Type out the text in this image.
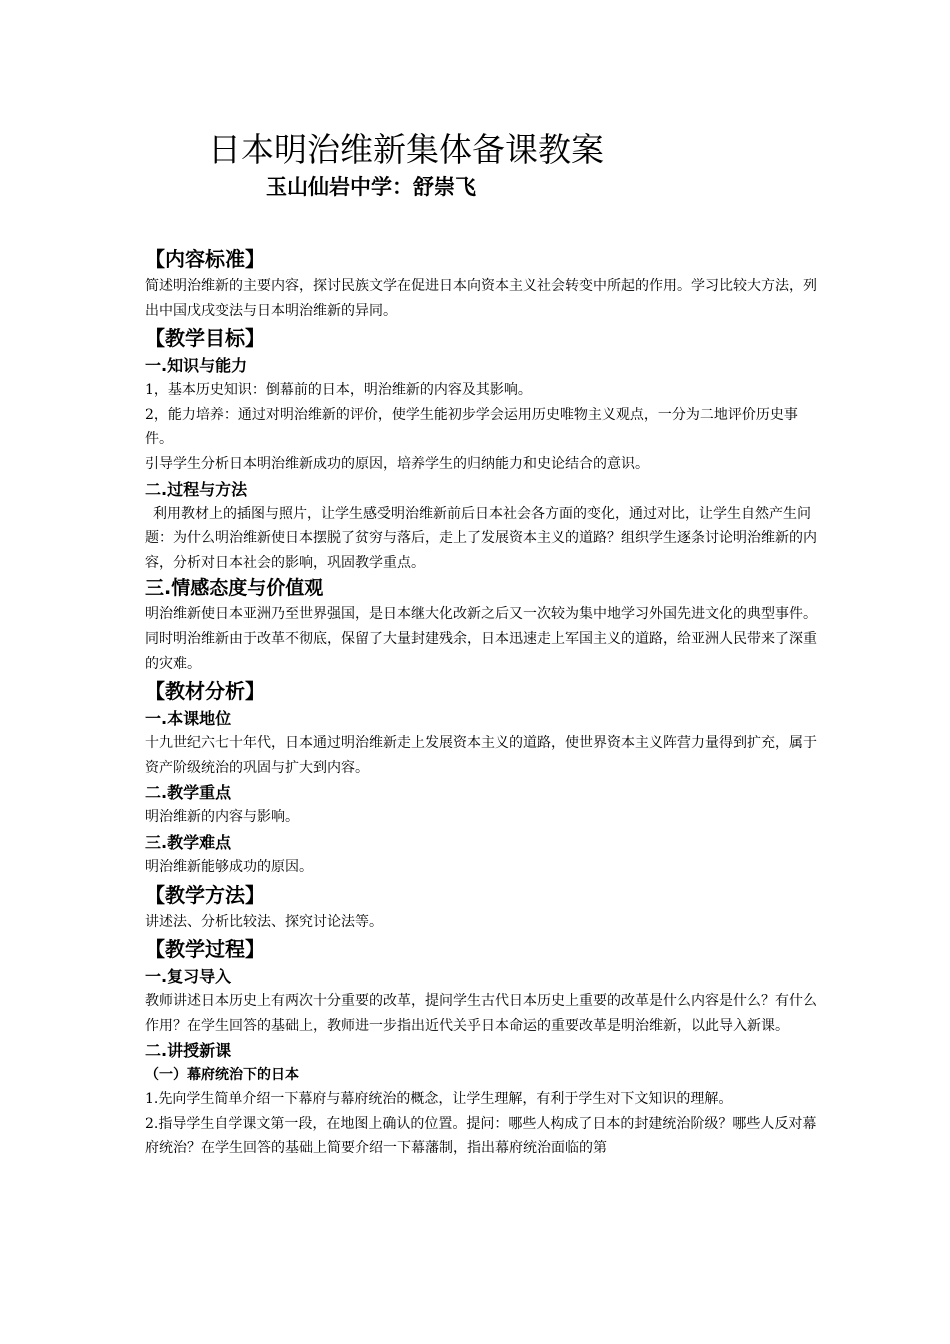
日本明治维新集体备课教案
玉山仙岩中学：舒崇飞

【内容标准】

简述明治维新的主要内容，探讨民族文学在促进日本向资本主义社会转变中所起的作用。学习比较大方法，列出中国戊戌变法与日本明治维新的异同。

【教学目标】

一.知识与能力

1，基本历史知识：倒幕前的日本，明治维新的内容及其影响。

2，能力培养：通过对明治维新的评价，使学生能初步学会运用历史唯物主义观点，一分为二地评价历史事件。

引导学生分析日本明治维新成功的原因，培养学生的归纳能力和史论结合的意识。

二.过程与方法

利用教材上的插图与照片，让学生感受明治维新前后日本社会各方面的变化，通过对比，让学生自然产生问题：为什么明治维新使日本摆脱了贫穷与落后，走上了发展资本主义的道路？组织学生逐条讨论明治维新的内容，分析对日本社会的影响，巩固教学重点。

三.情感态度与价值观

明治维新使日本亚洲乃至世界强国，是日本继大化改新之后又一次较为集中地学习外国先进文化的典型事件。

同时明治维新由于改革不彻底，保留了大量封建残余，日本迅速走上军国主义的道路，给亚洲人民带来了深重的灾难。

【教材分析】

一.本课地位

十九世纪六七十年代，日本通过明治维新走上发展资本主义的道路，使世界资本主义阵营力量得到扩充，属于资产阶级统治的巩固与扩大到内容。

二.教学重点

明治维新的内容与影响。

三.教学难点

明治维新能够成功的原因。

【教学方法】

讲述法、分析比较法、探究讨论法等。

【教学过程】

一.复习导入

教师讲述日本历史上有两次十分重要的改革，提问学生古代日本历史上重要的改革是什么内容是什么？有什么作用？在学生回答的基础上，教师进一步指出近代关乎日本命运的重要改革是明治维新，以此导入新课。

二.讲授新课

（一）幕府统治下的日本

1.先向学生简单介绍一下幕府与幕府统治的概念，让学生理解，有利于学生对下文知识的理解。

2.指导学生自学课文第一段，在地图上确认的位置。提问：哪些人构成了日本的封建统治阶级？哪些人反对幕府统治？在学生回答的基础上简要介绍一下幕藩制，指出幕府统治面临的第
